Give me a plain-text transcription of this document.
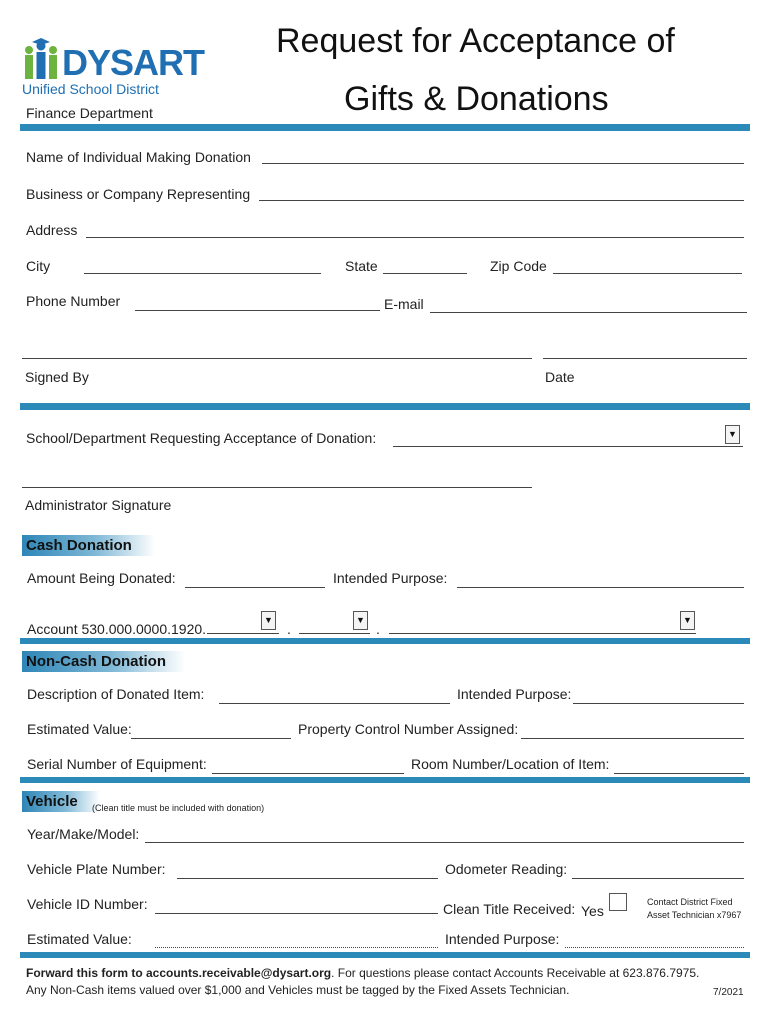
DYSART
Unified School District
Finance Department
Request for Acceptance of
Gifts & Donations
Name of Individual Making Donation
Business or Company Representing
Address
City	State	Zip Code
Phone Number	E-mail
Signed By	Date
School/Department Requesting Acceptance of Donation:	▼
Administrator Signature
Cash Donation
Amount Being Donated:	Intended Purpose:
Account 530.000.0000.1920.
▼
.
▼
.
▼
Non-Cash Donation
Description of Donated Item:	Intended Purpose:
Estimated Value:	Property Control Number Assigned:
Serial Number of Equipment:	Room Number/Location of Item:
Vehicle	(Clean title must be included with donation)
Year/Make/Model:
Vehicle Plate Number:	Odometer Reading:
Vehicle ID Number:	Clean Title Received: Yes
Contact District Fixed
Asset Technician x7967
Estimated Value:	Intended Purpose:
Forward this form to accounts.receivable@dysart.org. For questions please contact Accounts Receivable at 623.876.7975.
Any Non-Cash items valued over $1,000 and Vehicles must be tagged by the Fixed Assets Technician.	7/2021
